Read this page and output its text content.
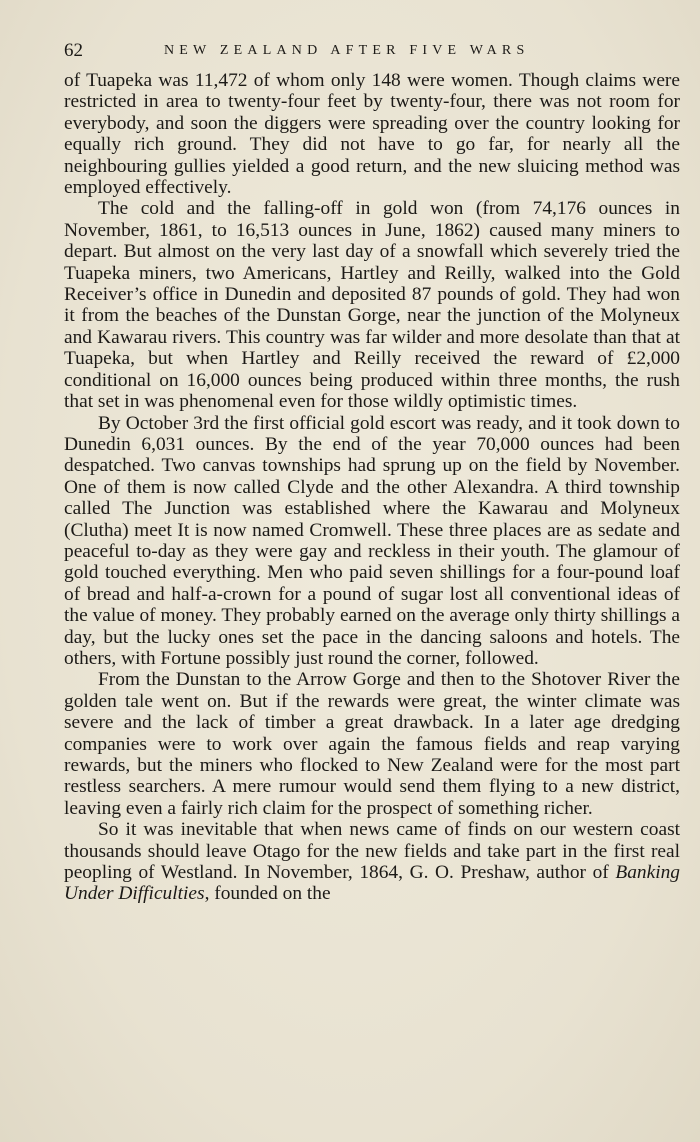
62	NEW ZEALAND AFTER FIVE WARS

of Tuapeka was 11,472 of whom only 148 were women. Though claims were restricted in area to twenty-four feet by twenty-four, there was not room for everybody, and soon the diggers were spreading over the country looking for equally rich ground. They did not have to go far, for nearly all the neighbouring gullies yielded a good return, and the new sluicing method was employed effectively.

The cold and the falling-off in gold won (from 74,176 ounces in November, 1861, to 16,513 ounces in June, 1862) caused many miners to depart. But almost on the very last day of a snowfall which severely tried the Tuapeka miners, two Americans, Hartley and Reilly, walked into the Gold Receiver’s office in Dunedin and deposited 87 pounds of gold. They had won it from the beaches of the Dunstan Gorge, near the junction of the Molyneux and Kawarau rivers. This country was far wilder and more desolate than that at Tuapeka, but when Hartley and Reilly received the reward of £2,000 conditional on 16,000 ounces being produced within three months, the rush that set in was phenomenal even for those wildly optimistic times.

By October 3rd the first official gold escort was ready, and it took down to Dunedin 6,031 ounces. By the end of the year 70,000 ounces had been despatched. Two canvas townships had sprung up on the field by November. One of them is now called Clyde and the other Alexandra. A third township called The Junction was established where the Kawarau and Molyneux (Clutha) meet It is now named Cromwell. These three places are as sedate and peaceful to-day as they were gay and reckless in their youth. The glamour of gold touched everything. Men who paid seven shillings for a four-pound loaf of bread and half-a-crown for a pound of sugar lost all conventional ideas of the value of money. They probably earned on the average only thirty shillings a day, but the lucky ones set the pace in the dancing saloons and hotels. The others, with Fortune possibly just round the corner, followed.

From the Dunstan to the Arrow Gorge and then to the Shotover River the golden tale went on. But if the rewards were great, the winter climate was severe and the lack of timber a great drawback. In a later age dredging companies were to work over again the famous fields and reap varying rewards, but the miners who flocked to New Zealand were for the most part restless searchers. A mere rumour would send them flying to a new district, leaving even a fairly rich claim for the prospect of something richer.

So it was inevitable that when news came of finds on our western coast thousands should leave Otago for the new fields and take part in the first real peopling of Westland. In November, 1864, G. O. Preshaw, author of Banking Under Difficulties, founded on the
